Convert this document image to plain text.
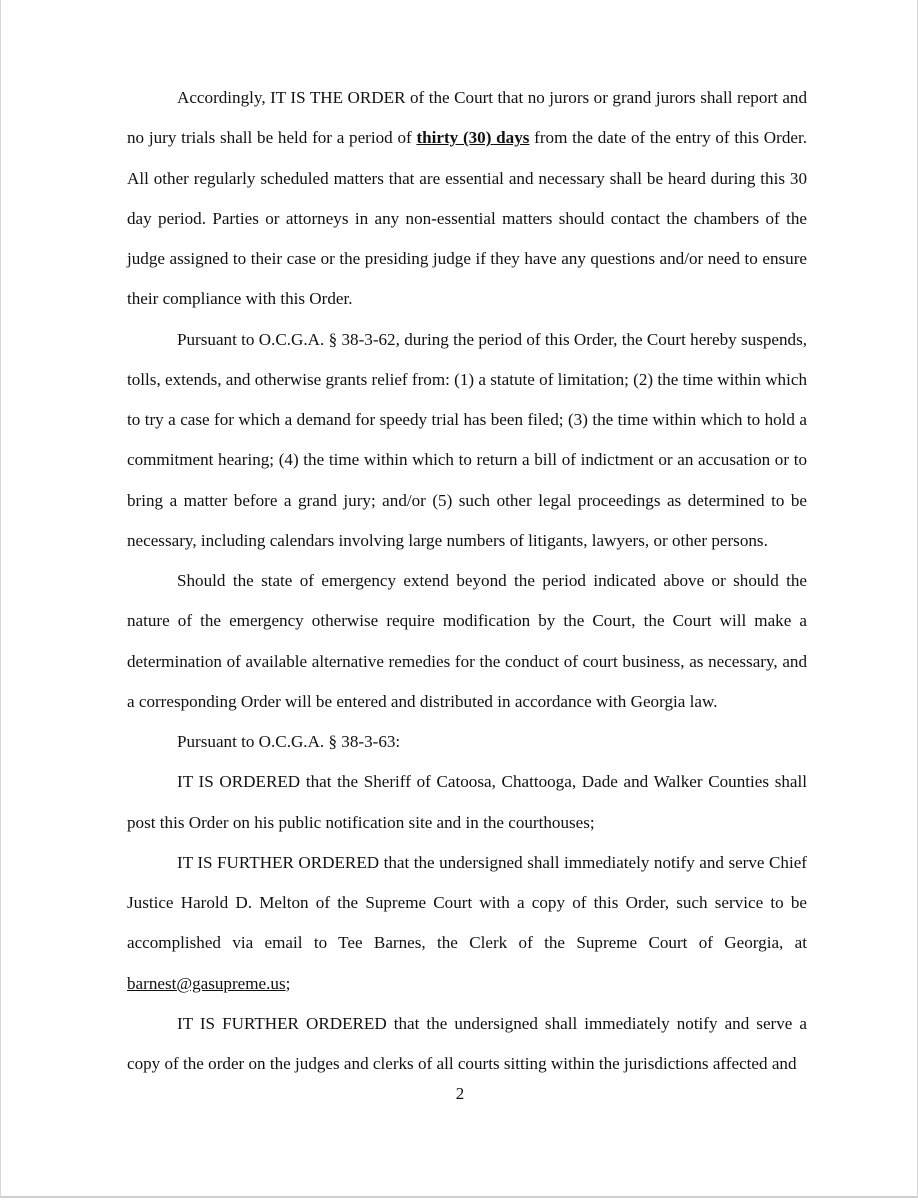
Accordingly, IT IS THE ORDER of the Court that no jurors or grand jurors shall report and no jury trials shall be held for a period of thirty (30) days from the date of the entry of this Order. All other regularly scheduled matters that are essential and necessary shall be heard during this 30 day period. Parties or attorneys in any non-essential matters should contact the chambers of the judge assigned to their case or the presiding judge if they have any questions and/or need to ensure their compliance with this Order.

Pursuant to O.C.G.A. § 38-3-62, during the period of this Order, the Court hereby suspends, tolls, extends, and otherwise grants relief from: (1) a statute of limitation; (2) the time within which to try a case for which a demand for speedy trial has been filed; (3) the time within which to hold a commitment hearing; (4) the time within which to return a bill of indictment or an accusation or to bring a matter before a grand jury; and/or (5) such other legal proceedings as determined to be necessary, including calendars involving large numbers of litigants, lawyers, or other persons.

Should the state of emergency extend beyond the period indicated above or should the nature of the emergency otherwise require modification by the Court, the Court will make a determination of available alternative remedies for the conduct of court business, as necessary, and a corresponding Order will be entered and distributed in accordance with Georgia law.

Pursuant to O.C.G.A. § 38-3-63:

IT IS ORDERED that the Sheriff of Catoosa, Chattooga, Dade and Walker Counties shall post this Order on his public notification site and in the courthouses;

IT IS FURTHER ORDERED that the undersigned shall immediately notify and serve Chief Justice Harold D. Melton of the Supreme Court with a copy of this Order, such service to be accomplished via email to Tee Barnes, the Clerk of the Supreme Court of Georgia, at barnest@gasupreme.us;

IT IS FURTHER ORDERED that the undersigned shall immediately notify and serve a copy of the order on the judges and clerks of all courts sitting within the jurisdictions affected and

2
